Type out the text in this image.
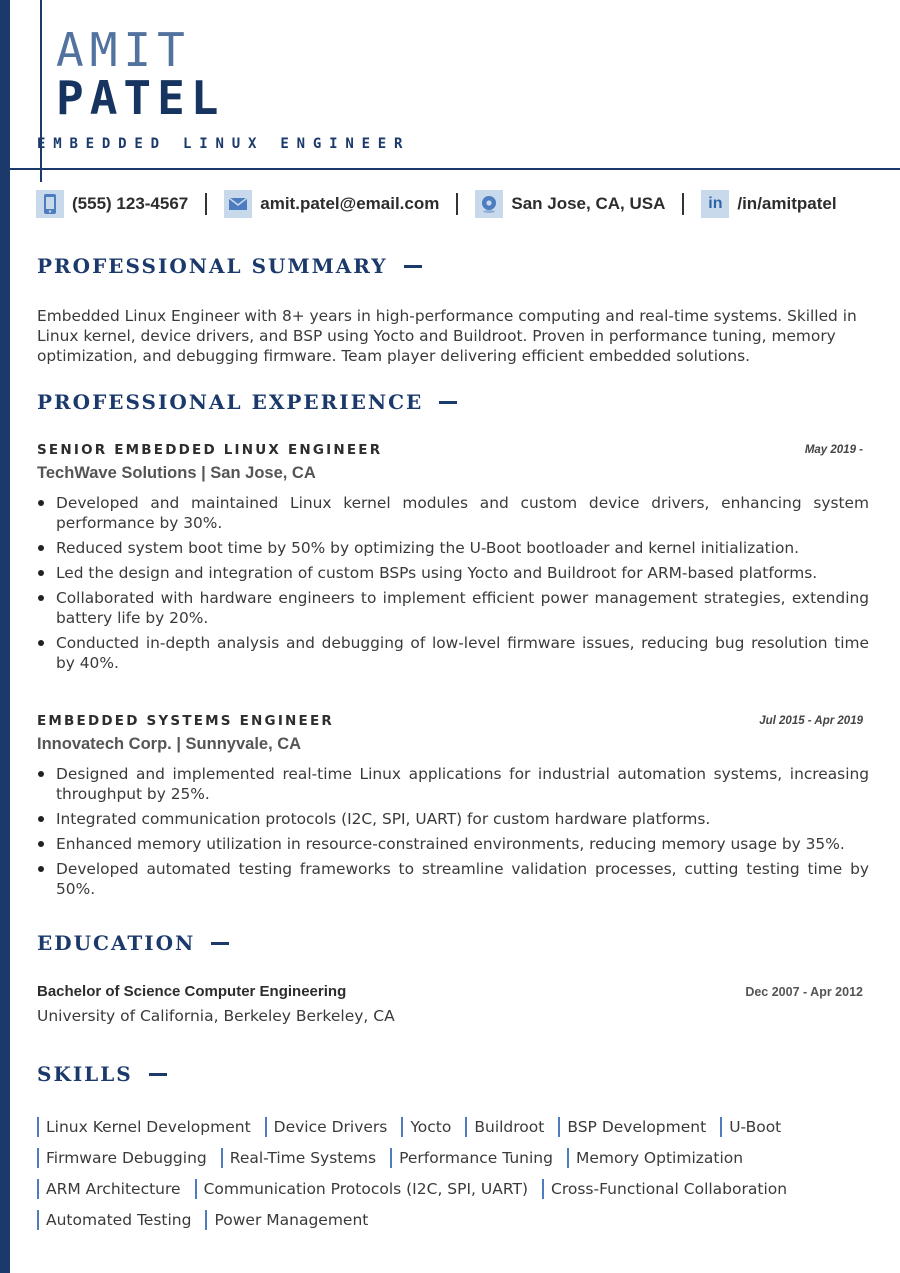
AMIT
PATEL
EMBEDDED LINUX ENGINEER
(555) 123-4567	amit.patel@email.com	San Jose, CA, USA	in /in/amitpatel
PROFESSIONAL SUMMARY
Embedded Linux Engineer with 8+ years in high-performance computing and real-time systems. Skilled in Linux kernel, device drivers, and BSP using Yocto and Buildroot. Proven in performance tuning, memory optimization, and debugging firmware. Team player delivering efficient embedded solutions.
PROFESSIONAL EXPERIENCE
SENIOR EMBEDDED LINUX ENGINEER	May 2019 -
TechWave Solutions | San Jose, CA
Developed and maintained Linux kernel modules and custom device drivers, enhancing system performance by 30%.
Reduced system boot time by 50% by optimizing the U-Boot bootloader and kernel initialization.
Led the design and integration of custom BSPs using Yocto and Buildroot for ARM-based platforms.
Collaborated with hardware engineers to implement efficient power management strategies, extending battery life by 20%.
Conducted in-depth analysis and debugging of low-level firmware issues, reducing bug resolution time by 40%.
EMBEDDED SYSTEMS ENGINEER	Jul 2015 - Apr 2019
Innovatech Corp. | Sunnyvale, CA
Designed and implemented real-time Linux applications for industrial automation systems, increasing throughput by 25%.
Integrated communication protocols (I2C, SPI, UART) for custom hardware platforms.
Enhanced memory utilization in resource-constrained environments, reducing memory usage by 35%.
Developed automated testing frameworks to streamline validation processes, cutting testing time by 50%.
EDUCATION
Bachelor of Science Computer Engineering	Dec 2007 - Apr 2012
University of California, Berkeley Berkeley, CA
SKILLS
Linux Kernel Development	Device Drivers	Yocto	Buildroot	BSP Development	U-Boot
Firmware Debugging	Real-Time Systems	Performance Tuning	Memory Optimization
ARM Architecture	Communication Protocols (I2C, SPI, UART)	Cross-Functional Collaboration
Automated Testing	Power Management
